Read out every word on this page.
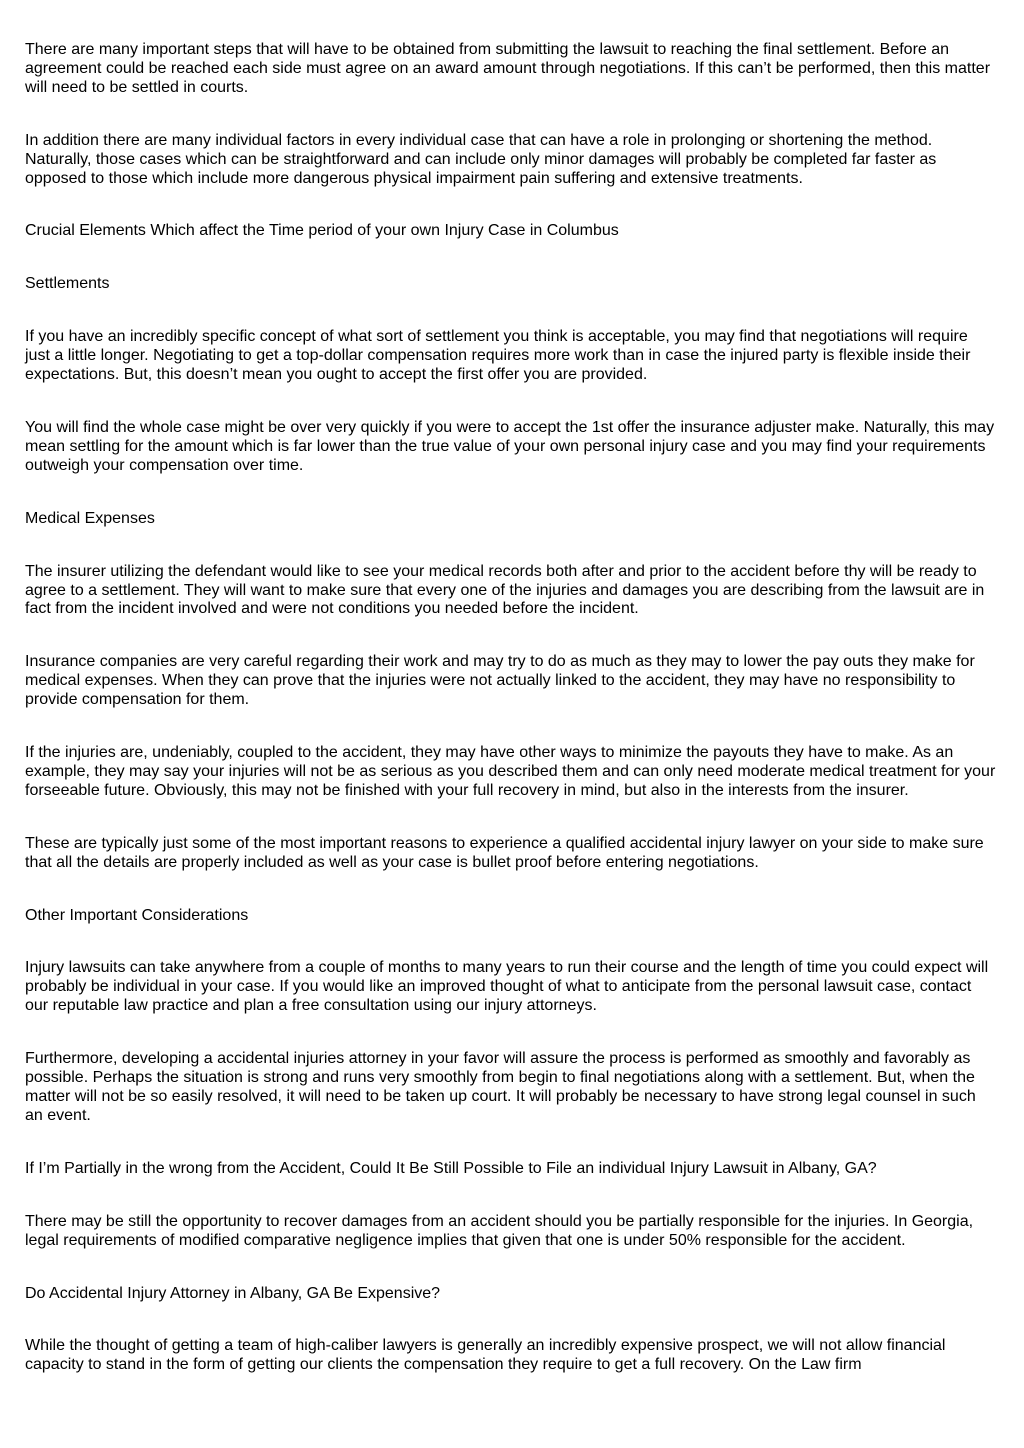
There are many important steps that will have to be obtained from submitting the lawsuit to reaching the final settlement. Before an agreement could be reached each side must agree on an award amount through negotiations. If this can’t be performed, then this matter will need to be settled in courts.

In addition there are many individual factors in every individual case that can have a role in prolonging or shortening the method. Naturally, those cases which can be straightforward and can include only minor damages will probably be completed far faster as opposed to those which include more dangerous physical impairment pain suffering and extensive treatments.

Crucial Elements Which affect the Time period of your own Injury Case in Columbus

Settlements

If you have an incredibly specific concept of what sort of settlement you think is acceptable, you may find that negotiations will require just a little longer. Negotiating to get a top-dollar compensation requires more work than in case the injured party is flexible inside their expectations. But, this doesn’t mean you ought to accept the first offer you are provided.

You will find the whole case might be over very quickly if you were to accept the 1st offer the insurance adjuster make. Naturally, this may mean settling for the amount which is far lower than the true value of your own personal injury case and you may find your requirements outweigh your compensation over time.

Medical Expenses

The insurer utilizing the defendant would like to see your medical records both after and prior to the accident before thy will be ready to agree to a settlement. They will want to make sure that every one of the injuries and damages you are describing from the lawsuit are in fact from the incident involved and were not conditions you needed before the incident.

Insurance companies are very careful regarding their work and may try to do as much as they may to lower the pay outs they make for medical expenses. When they can prove that the injuries were not actually linked to the accident, they may have no responsibility to provide compensation for them.

If the injuries are, undeniably, coupled to the accident, they may have other ways to minimize the payouts they have to make. As an example, they may say your injuries will not be as serious as you described them and can only need moderate medical treatment for your forseeable future. Obviously, this may not be finished with your full recovery in mind, but also in the interests from the insurer.

These are typically just some of the most important reasons to experience a qualified accidental injury lawyer on your side to make sure that all the details are properly included as well as your case is bullet proof before entering negotiations.

Other Important Considerations

Injury lawsuits can take anywhere from a couple of months to many years to run their course and the length of time you could expect will probably be individual in your case. If you would like an improved thought of what to anticipate from the personal lawsuit case, contact our reputable law practice and plan a free consultation using our injury attorneys.

Furthermore, developing a accidental injuries attorney in your favor will assure the process is performed as smoothly and favorably as possible. Perhaps the situation is strong and runs very smoothly from begin to final negotiations along with a settlement. But, when the matter will not be so easily resolved, it will need to be taken up court. It will probably be necessary to have strong legal counsel in such an event.

If I’m Partially in the wrong from the Accident, Could It Be Still Possible to File an individual Injury Lawsuit in Albany, GA?

There may be still the opportunity to recover damages from an accident should you be partially responsible for the injuries. In Georgia, legal requirements of modified comparative negligence implies that given that one is under 50% responsible for the accident.

Do Accidental Injury Attorney in Albany, GA Be Expensive?

While the thought of getting a team of high-caliber lawyers is generally an incredibly expensive prospect, we will not allow financial capacity to stand in the form of getting our clients the compensation they require to get a full recovery. On the Law firm
